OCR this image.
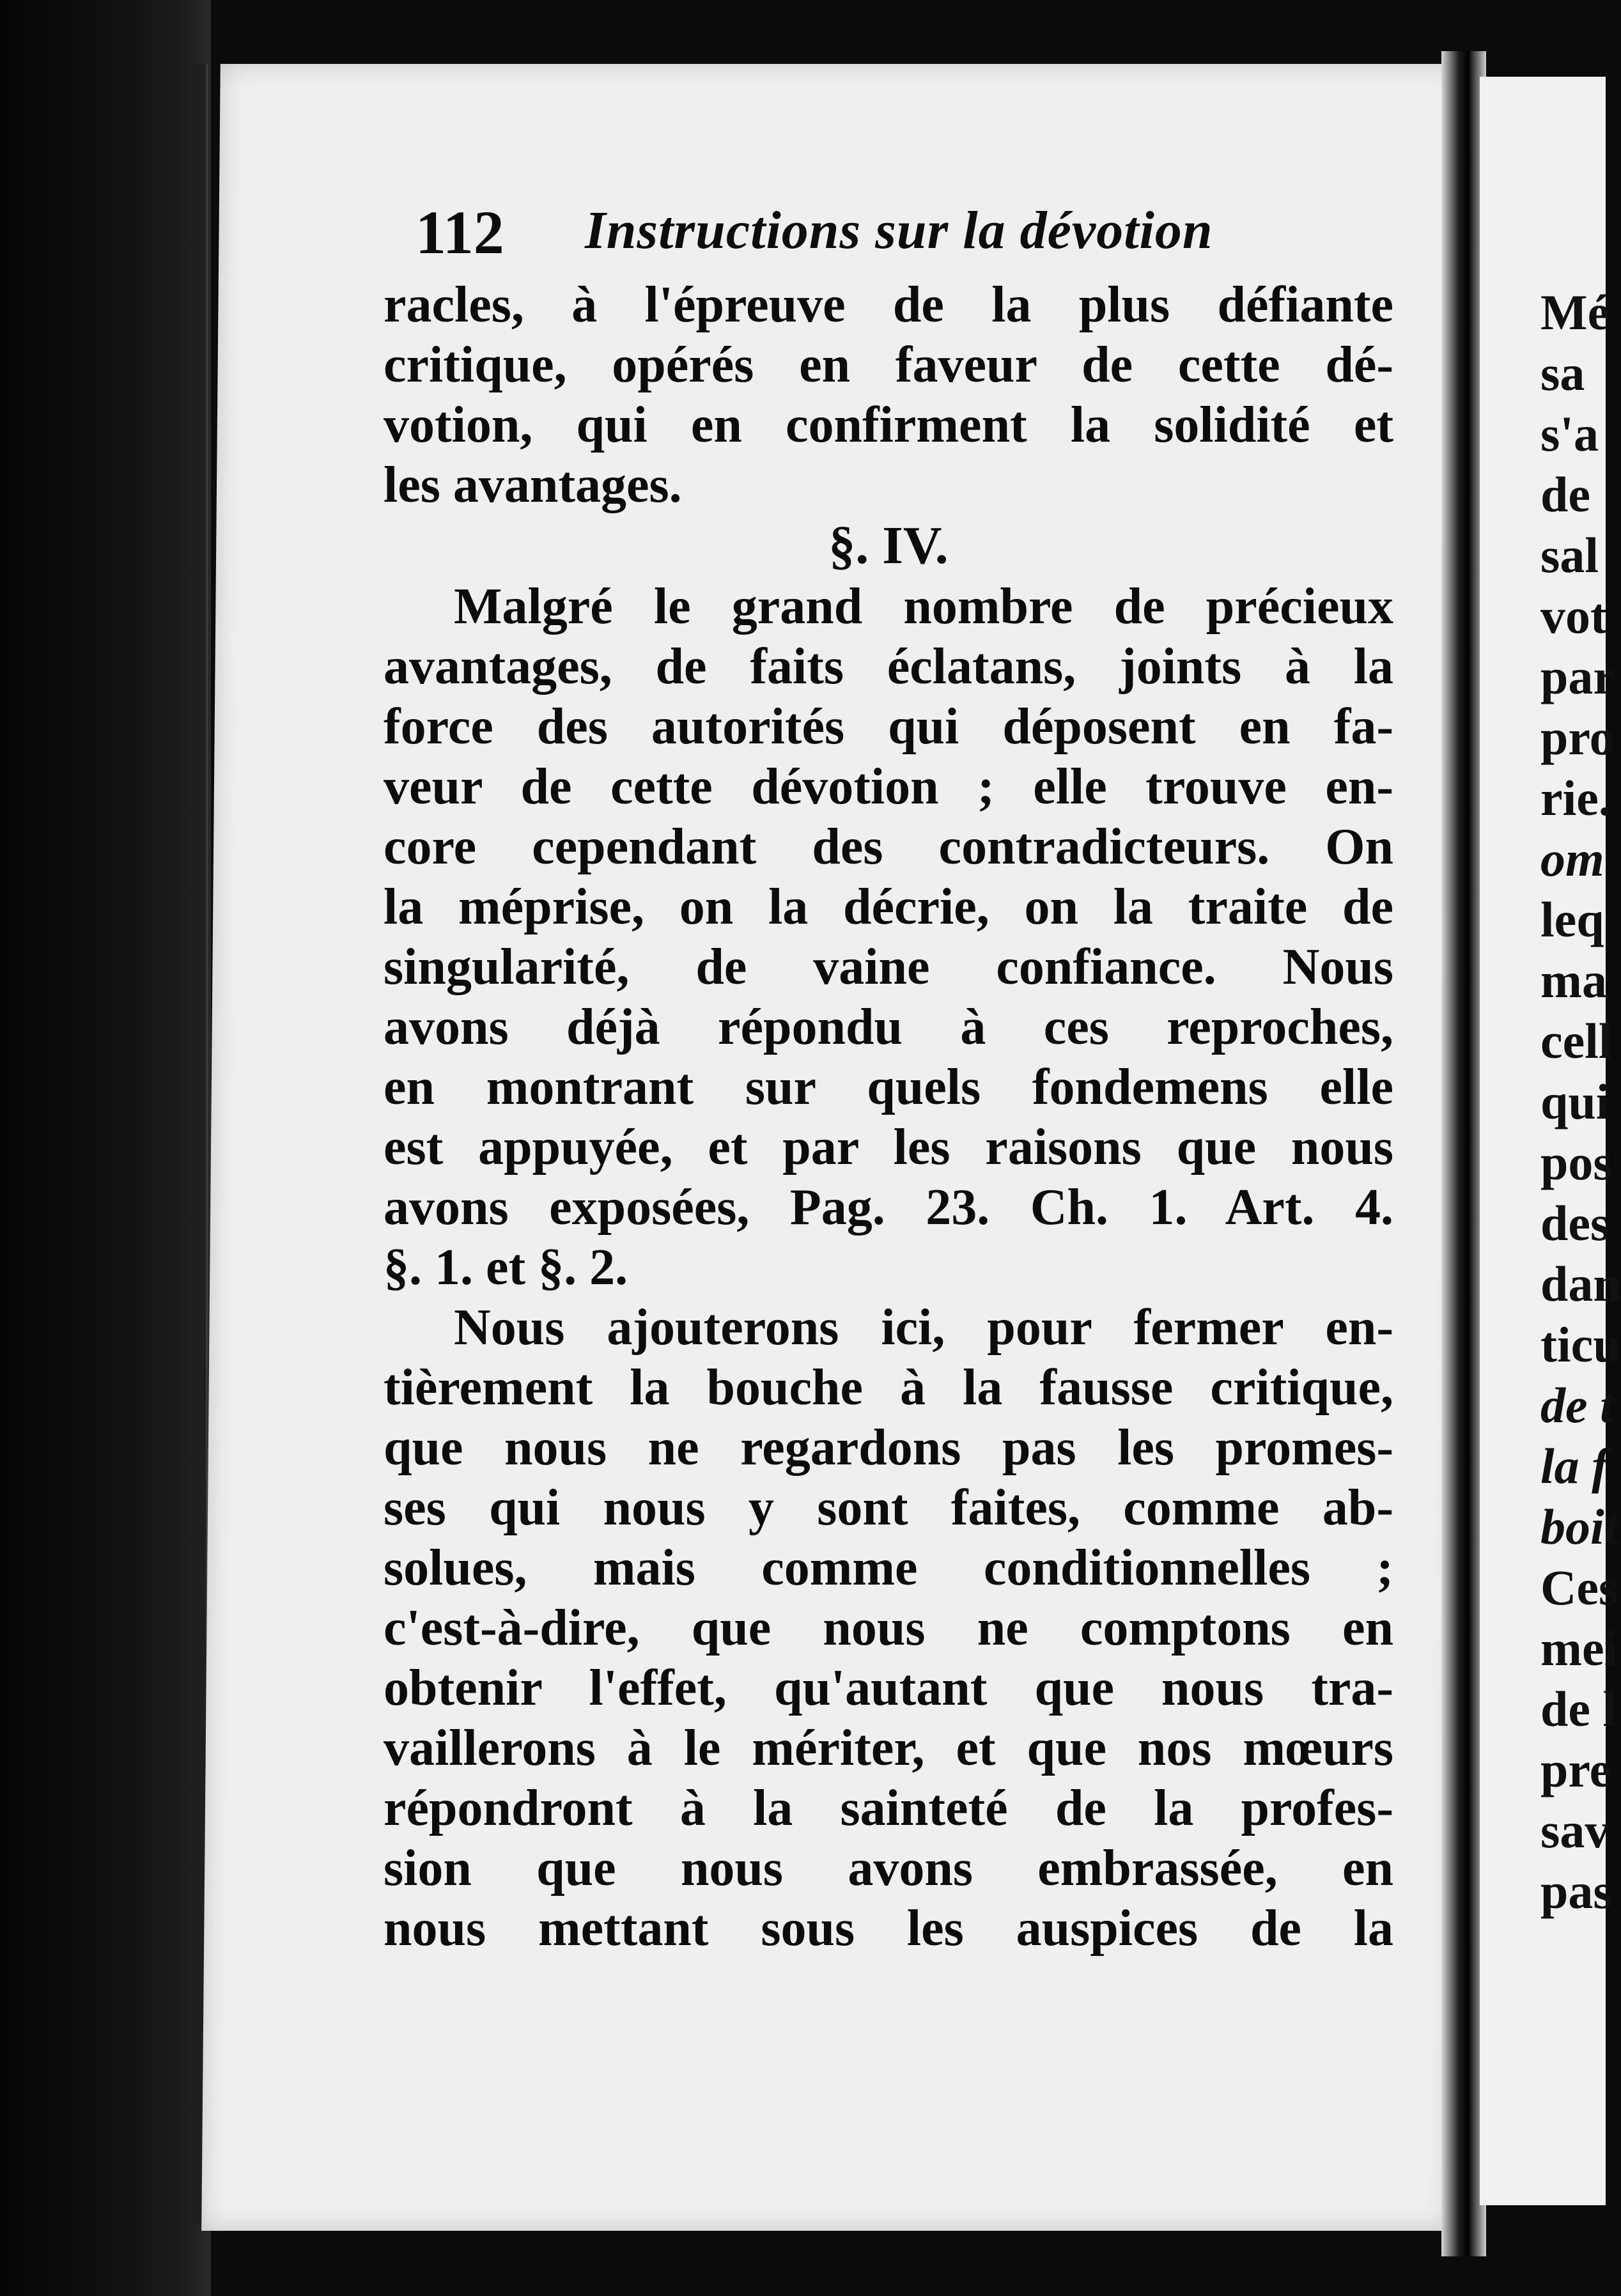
112 Instructions sur la dévotion
racles, à l'épreuve de la plus défiante
critique, opérés en faveur de cette dé-
votion, qui en confirment la solidité et
les avantages.
§. IV.
Malgré le grand nombre de précieux
avantages, de faits éclatans, joints à la
force des autorités qui déposent en fa-
veur de cette dévotion ; elle trouve en-
core cependant des contradicteurs. On
la méprise, on la décrie, on la traite de
singularité, de vaine confiance. Nous
avons déjà répondu à ces reproches,
en montrant sur quels fondemens elle
est appuyée, et par les raisons que nous
avons exposées, Pag. 23. Ch. 1. Art. 4.
§. 1. et §. 2.
Nous ajouterons ici, pour fermer en-
tièrement la bouche à la fausse critique,
que nous ne regardons pas les promes-
ses qui nous y sont faites, comme ab-
solues, mais comme conditionnelles ;
c'est-à-dire, que nous ne comptons en
obtenir l'effet, qu'autant que nous tra-
vaillerons à le mériter, et que nos mœurs
répondront à la sainteté de la profes-
sion que nous avons embrassée, en
nous mettant sous les auspices de la
Mé
sa
s'a
de
sal
vot
par
pro
rie.
om
leq
ma
cell
qui
pos
des
dan
ticu
de t
la f
boit
Ces
mei
de l
pre
sav
pas
